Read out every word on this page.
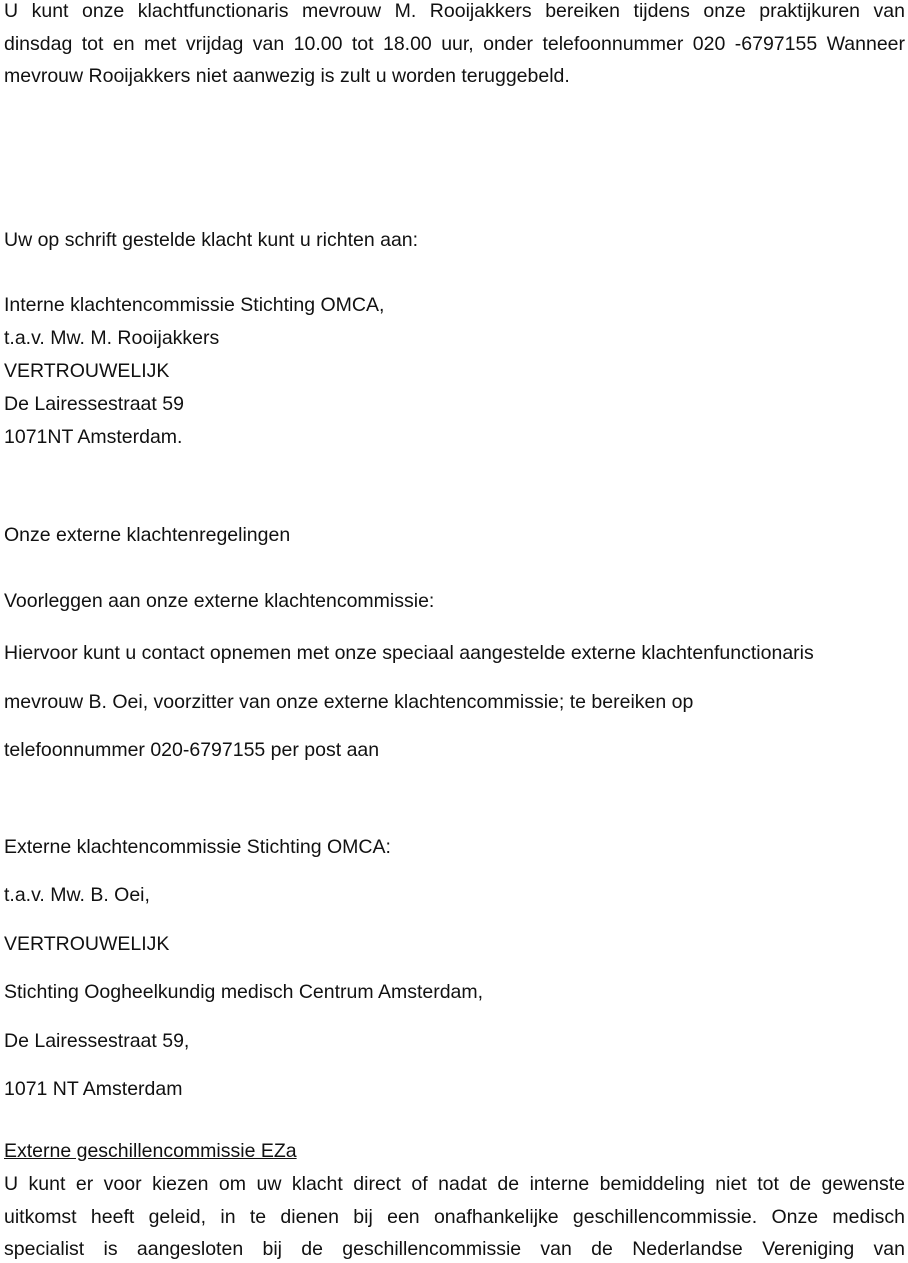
U kunt onze klachtfunctionaris mevrouw M. Rooijakkers bereiken tijdens onze praktijkuren van
dinsdag tot en met vrijdag van 10.00 tot 18.00 uur, onder telefoonnummer 020 -6797155 Wanneer
mevrouw Rooijakkers niet aanwezig is zult u worden teruggebeld.
Uw op schrift gestelde klacht kunt u richten aan:
Interne klachtencommissie Stichting OMCA,
t.a.v. Mw. M. Rooijakkers
VERTROUWELIJK
De Lairessestraat 59
1071NT Amsterdam.
Onze externe klachtenregelingen
Voorleggen aan onze externe klachtencommissie:
Hiervoor kunt u contact opnemen met onze speciaal aangestelde externe klachtenfunctionaris
mevrouw B. Oei, voorzitter van onze externe klachtencommissie; te bereiken op
telefoonnummer 020-6797155 per post aan
Externe klachtencommissie Stichting OMCA:
t.a.v. Mw. B. Oei,
VERTROUWELIJK
Stichting Oogheelkundig medisch Centrum Amsterdam,
De Lairessestraat 59,
1071 NT Amsterdam
Externe geschillencommissie EZa
U kunt er voor kiezen om uw klacht direct of nadat de interne bemiddeling niet tot de gewenste
uitkomst heeft geleid, in te dienen bij een onafhankelijke geschillencommissie. Onze medisch
specialist is aangesloten bij de geschillencommissie van de Nederlandse Vereniging van
